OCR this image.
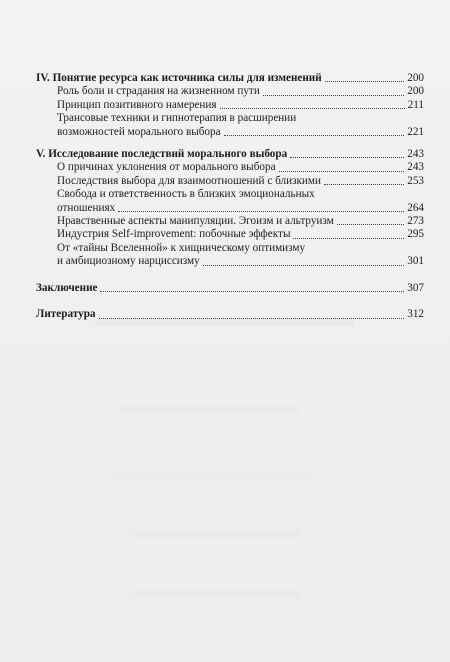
IV. Понятие ресурса как источника силы для изменений	200
Роль боли и страдания на жизненном пути	200
Принцип позитивного намерения	211
Трансовые техники и гипнотерапия в расширении
возможностей морального выбора	221
V. Исследование последствий морального выбора	243
О причинах уклонения от морального выбора	243
Последствия выбора для взаимоотношений с близкими	253
Свобода и ответственность в близких эмоциональных
отношениях	264
Нравственные аспекты манипуляции. Эгоизм и альтруизм	273
Индустрия Self-improvement: побочные эффекты	295
От «тайны Вселенной» к хищническому оптимизму
и амбициозному нарциссизму	301
Заключение	307
Литература	312
